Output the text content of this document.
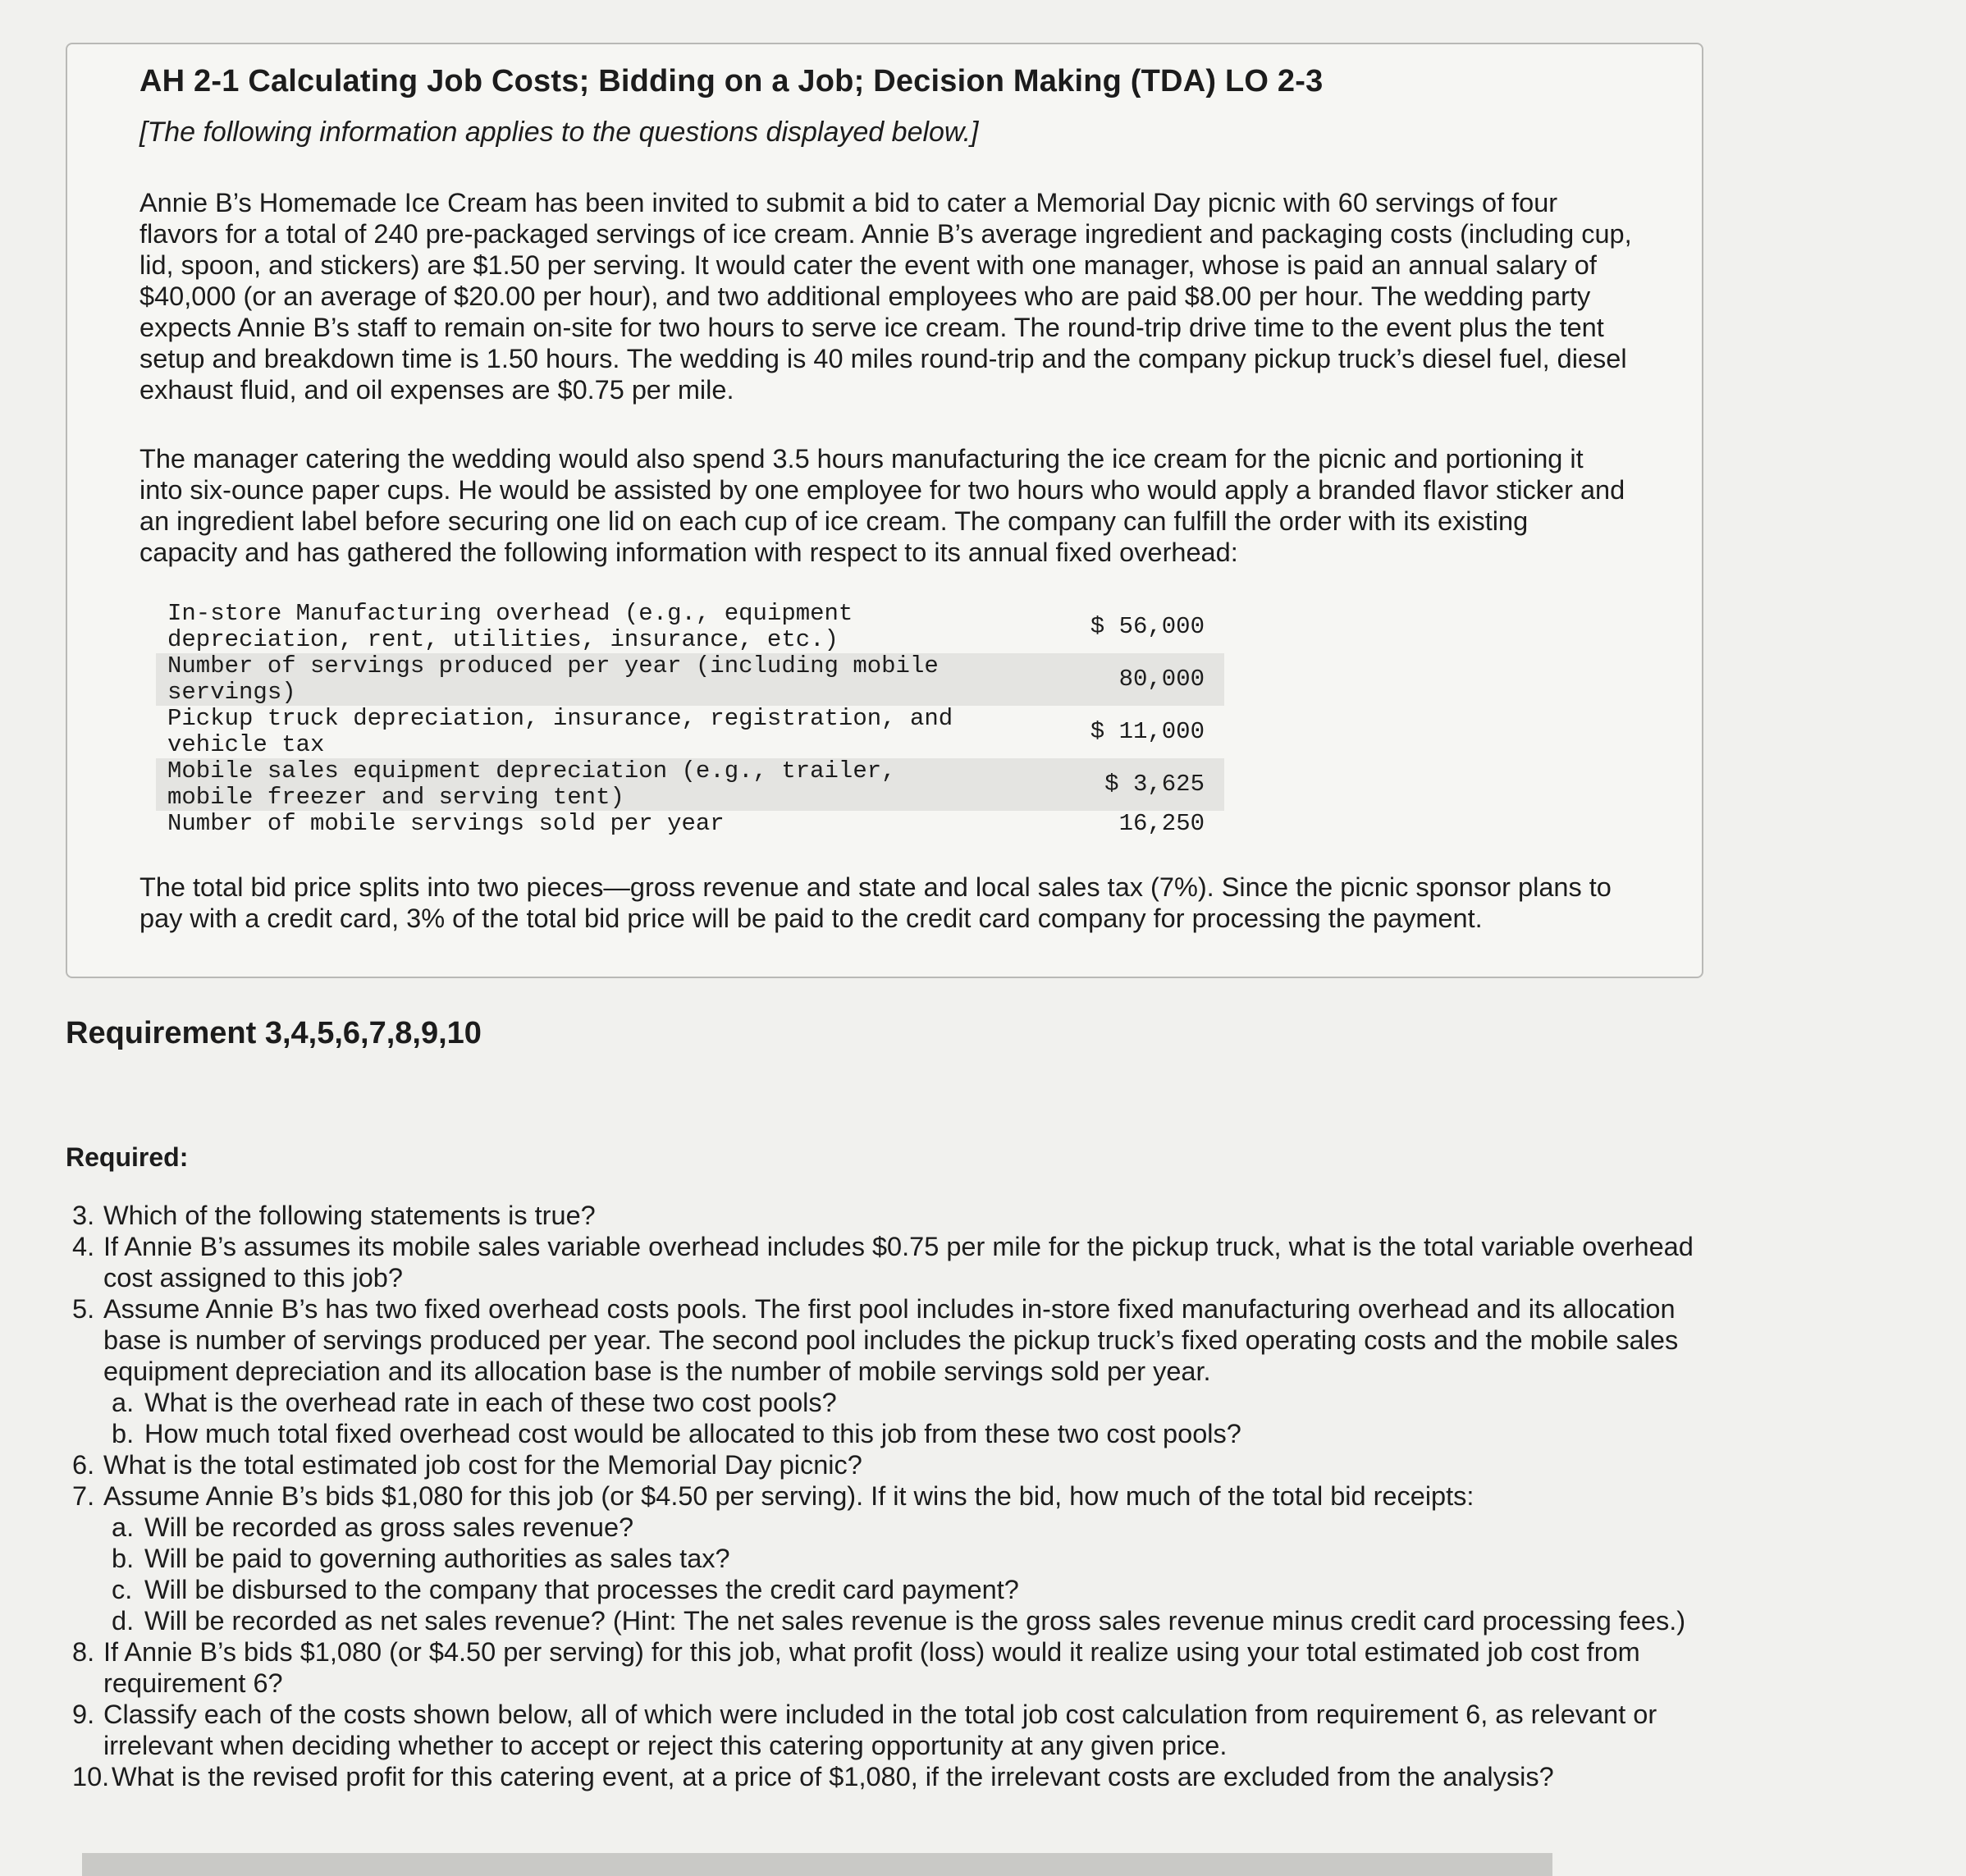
AH 2-1 Calculating Job Costs; Bidding on a Job; Decision Making (TDA) LO 2-3
[The following information applies to the questions displayed below.]
Annie B’s Homemade Ice Cream has been invited to submit a bid to cater a Memorial Day picnic with 60 servings of four flavors for a total of 240 pre-packaged servings of ice cream. Annie B’s average ingredient and packaging costs (including cup, lid, spoon, and stickers) are $1.50 per serving. It would cater the event with one manager, whose is paid an annual salary of $40,000 (or an average of $20.00 per hour), and two additional employees who are paid $8.00 per hour. The wedding party expects Annie B’s staff to remain on-site for two hours to serve ice cream. The round-trip drive time to the event plus the tent setup and breakdown time is 1.50 hours. The wedding is 40 miles round-trip and the company pickup truck’s diesel fuel, diesel exhaust fluid, and oil expenses are $0.75 per mile.
The manager catering the wedding would also spend 3.5 hours manufacturing the ice cream for the picnic and portioning it into six-ounce paper cups. He would be assisted by one employee for two hours who would apply a branded flavor sticker and an ingredient label before securing one lid on each cup of ice cream. The company can fulfill the order with its existing capacity and has gathered the following information with respect to its annual fixed overhead:
In-store Manufacturing overhead (e.g., equipment depreciation, rent, utilities, insurance, etc.)	$ 56,000
Number of servings produced per year (including mobile servings)	80,000
Pickup truck depreciation, insurance, registration, and vehicle tax	$ 11,000
Mobile sales equipment depreciation (e.g., trailer, mobile freezer and serving tent)	$ 3,625
Number of mobile servings sold per year	16,250
The total bid price splits into two pieces—gross revenue and state and local sales tax (7%). Since the picnic sponsor plans to pay with a credit card, 3% of the total bid price will be paid to the credit card company for processing the payment.
Requirement 3,4,5,6,7,8,9,10
Required:
3. Which of the following statements is true?
4. If Annie B’s assumes its mobile sales variable overhead includes $0.75 per mile for the pickup truck, what is the total variable overhead cost assigned to this job?
5. Assume Annie B’s has two fixed overhead costs pools. The first pool includes in-store fixed manufacturing overhead and its allocation base is number of servings produced per year. The second pool includes the pickup truck’s fixed operating costs and the mobile sales equipment depreciation and its allocation base is the number of mobile servings sold per year.
a. What is the overhead rate in each of these two cost pools?
b. How much total fixed overhead cost would be allocated to this job from these two cost pools?
6. What is the total estimated job cost for the Memorial Day picnic?
7. Assume Annie B’s bids $1,080 for this job (or $4.50 per serving). If it wins the bid, how much of the total bid receipts:
a. Will be recorded as gross sales revenue?
b. Will be paid to governing authorities as sales tax?
c. Will be disbursed to the company that processes the credit card payment?
d. Will be recorded as net sales revenue? (Hint: The net sales revenue is the gross sales revenue minus credit card processing fees.)
8. If Annie B’s bids $1,080 (or $4.50 per serving) for this job, what profit (loss) would it realize using your total estimated job cost from requirement 6?
9. Classify each of the costs shown below, all of which were included in the total job cost calculation from requirement 6, as relevant or irrelevant when deciding whether to accept or reject this catering opportunity at any given price.
10. What is the revised profit for this catering event, at a price of $1,080, if the irrelevant costs are excluded from the analysis?
